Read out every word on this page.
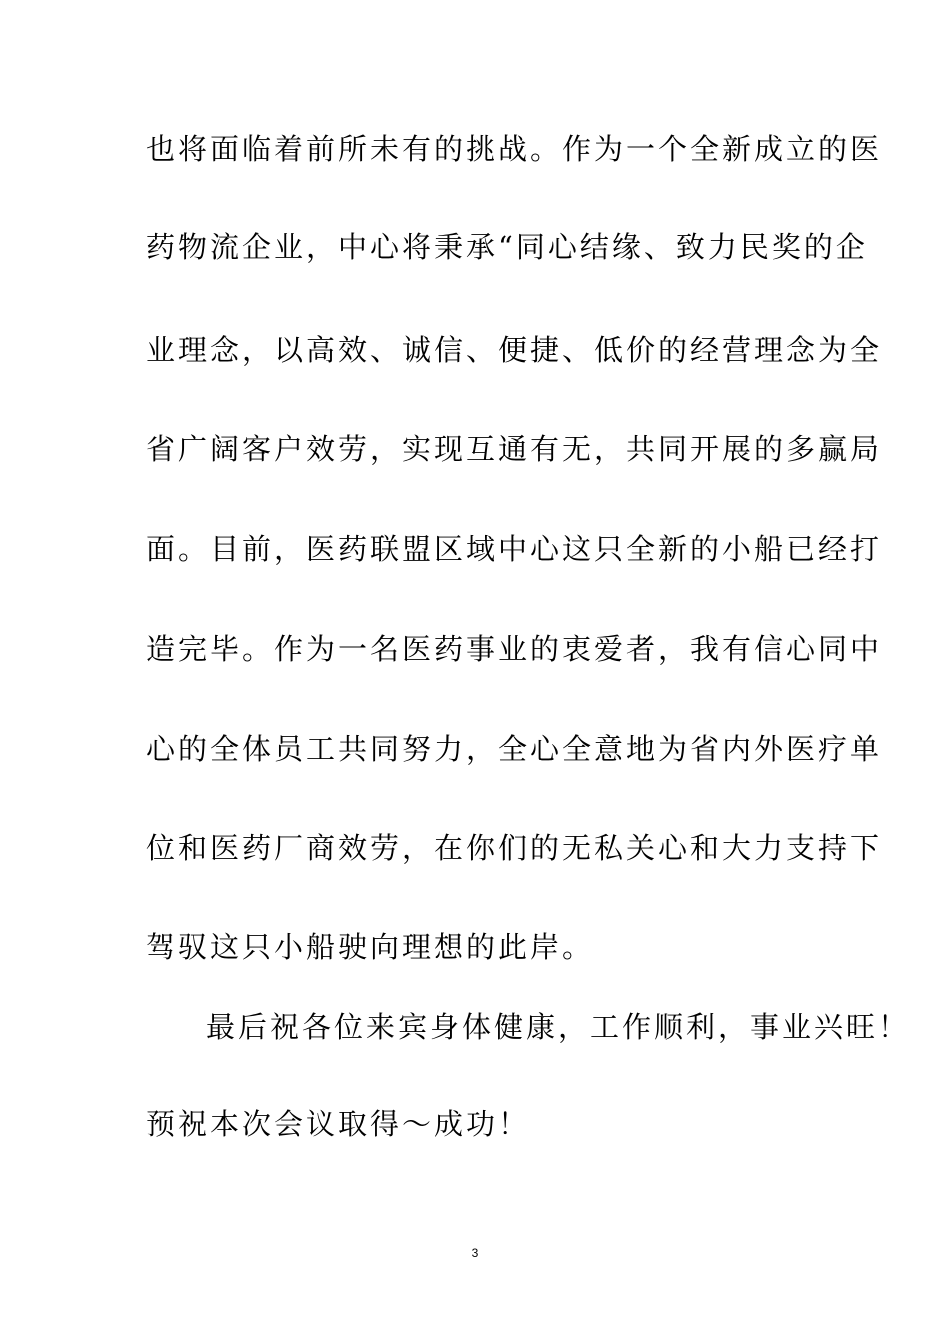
也将面临着前所未有的挑战。作为一个全新成立的医
药物流企业，中心将秉承“同心结缘、致力民奖的企
业理念，以高效、诚信、便捷、低价的经营理念为全
省广阔客户效劳，实现互通有无，共同开展的多赢局
面。目前，医药联盟区域中心这只全新的小船已经打
造完毕。作为一名医药事业的衷爱者，我有信心同中
心的全体员工共同努力，全心全意地为省内外医疗单
位和医药厂商效劳，在你们的无私关心和大力支持下
驾驭这只小船驶向理想的此岸。
最后祝各位来宾身体健康，工作顺利，事业兴旺！
预祝本次会议取得～成功！
3
